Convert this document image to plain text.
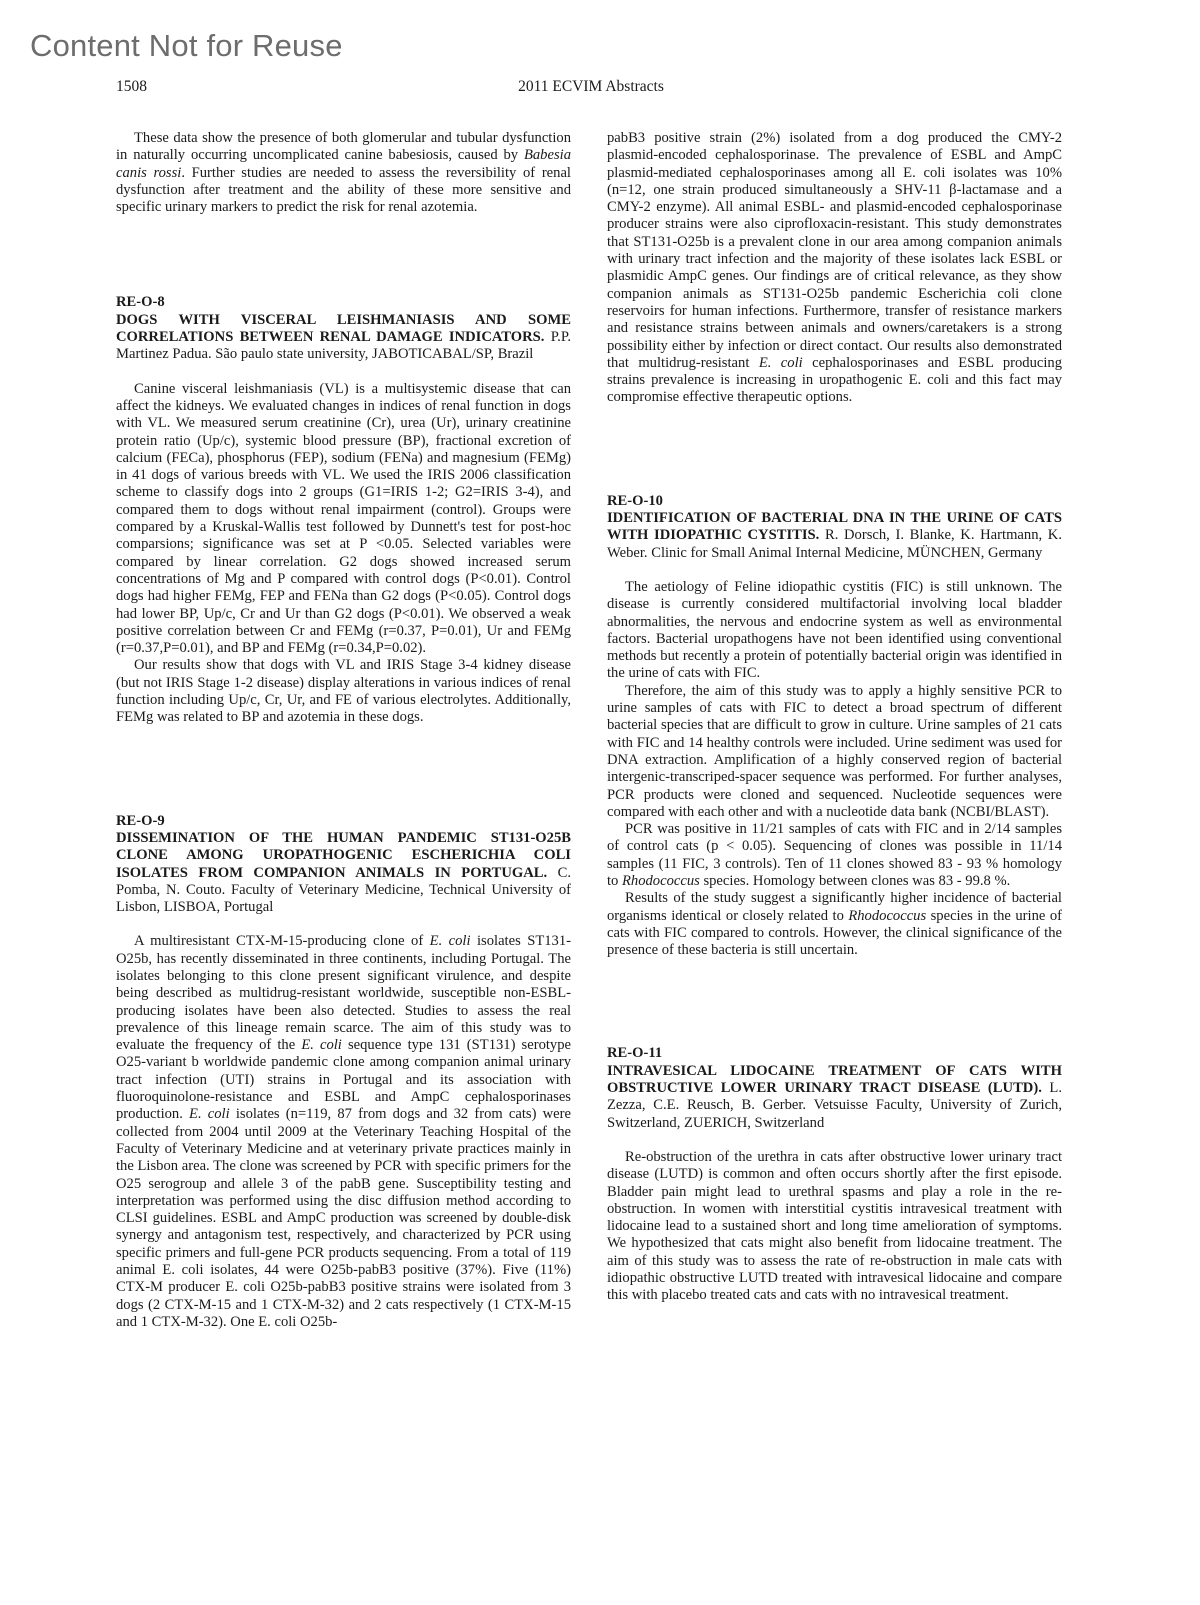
Content Not for Reuse
1508	2011 ECVIM Abstracts

These data show the presence of both glomerular and tubular dysfunction in naturally occurring uncomplicated canine babesiosis, caused by Babesia canis rossi. Further studies are needed to assess the reversibility of renal dysfunction after treatment and the ability of these more sensitive and specific urinary markers to predict the risk for renal azotemia.

RE-O-8
DOGS WITH VISCERAL LEISHMANIASIS AND SOME CORRELATIONS BETWEEN RENAL DAMAGE INDICATORS. P.P. Martinez Padua. São paulo state university, JABOTICABAL/SP, Brazil

Canine visceral leishmaniasis (VL) is a multisystemic disease that can affect the kidneys. We evaluated changes in indices of renal function in dogs with VL. We measured serum creatinine (Cr), urea (Ur), urinary creatinine protein ratio (Up/c), systemic blood pressure (BP), fractional excretion of calcium (FECa), phosphorus (FEP), sodium (FENa) and magnesium (FEMg) in 41 dogs of various breeds with VL. We used the IRIS 2006 classification scheme to classify dogs into 2 groups (G1=IRIS 1-2; G2=IRIS 3-4), and compared them to dogs without renal impairment (control). Groups were compared by a Kruskal-Wallis test followed by Dunnett's test for post-hoc comparsions; significance was set at P <0.05. Selected variables were compared by linear correlation. G2 dogs showed increased serum concentrations of Mg and P compared with control dogs (P<0.01). Control dogs had higher FEMg, FEP and FENa than G2 dogs (P<0.05). Control dogs had lower BP, Up/c, Cr and Ur than G2 dogs (P<0.01). We observed a weak positive correlation between Cr and FEMg (r=0.37, P=0.01), Ur and FEMg (r=0.37,P=0.01), and BP and FEMg (r=0.34,P=0.02).

Our results show that dogs with VL and IRIS Stage 3-4 kidney disease (but not IRIS Stage 1-2 disease) display alterations in various indices of renal function including Up/c, Cr, Ur, and FE of various electrolytes. Additionally, FEMg was related to BP and azotemia in these dogs.

RE-O-9
DISSEMINATION OF THE HUMAN PANDEMIC ST131-O25B CLONE AMONG UROPATHOGENIC ESCHERICHIA COLI ISOLATES FROM COMPANION ANIMALS IN PORTUGAL. C. Pomba, N. Couto. Faculty of Veterinary Medicine, Technical University of Lisbon, LISBOA, Portugal

A multiresistant CTX-M-15-producing clone of E. coli isolates ST131-O25b, has recently disseminated in three continents, including Portugal. The isolates belonging to this clone present significant virulence, and despite being described as multidrug-resistant worldwide, susceptible non-ESBL-producing isolates have been also detected. Studies to assess the real prevalence of this lineage remain scarce. The aim of this study was to evaluate the frequency of the E. coli sequence type 131 (ST131) serotype O25-variant b worldwide pandemic clone among companion animal urinary tract infection (UTI) strains in Portugal and its association with fluoroquinolone-resistance and ESBL and AmpC cephalosporinases production. E. coli isolates (n=119, 87 from dogs and 32 from cats) were collected from 2004 until 2009 at the Veterinary Teaching Hospital of the Faculty of Veterinary Medicine and at veterinary private practices mainly in the Lisbon area. The clone was screened by PCR with specific primers for the O25 serogroup and allele 3 of the pabB gene. Susceptibility testing and interpretation was performed using the disc diffusion method according to CLSI guidelines. ESBL and AmpC production was screened by double-disk synergy and antagonism test, respectively, and characterized by PCR using specific primers and full-gene PCR products sequencing. From a total of 119 animal E. coli isolates, 44 were O25b-pabB3 positive (37%). Five (11%) CTX-M producer E. coli O25b-pabB3 positive strains were isolated from 3 dogs (2 CTX-M-15 and 1 CTX-M-32) and 2 cats respectively (1 CTX-M-15 and 1 CTX-M-32). One E. coli O25b-

pabB3 positive strain (2%) isolated from a dog produced the CMY-2 plasmid-encoded cephalosporinase. The prevalence of ESBL and AmpC plasmid-mediated cephalosporinases among all E. coli isolates was 10% (n=12, one strain produced simultaneously a SHV-11 β-lactamase and a CMY-2 enzyme). All animal ESBL- and plasmid-encoded cephalosporinase producer strains were also ciprofloxacin-resistant. This study demonstrates that ST131-O25b is a prevalent clone in our area among companion animals with urinary tract infection and the majority of these isolates lack ESBL or plasmidic AmpC genes. Our findings are of critical relevance, as they show companion animals as ST131-O25b pandemic Escherichia coli clone reservoirs for human infections. Furthermore, transfer of resistance markers and resistance strains between animals and owners/caretakers is a strong possibility either by infection or direct contact. Our results also demonstrated that multidrug-resistant E. coli cephalosporinases and ESBL producing strains prevalence is increasing in uropathogenic E. coli and this fact may compromise effective therapeutic options.

RE-O-10
IDENTIFICATION OF BACTERIAL DNA IN THE URINE OF CATS WITH IDIOPATHIC CYSTITIS. R. Dorsch, I. Blanke, K. Hartmann, K. Weber. Clinic for Small Animal Internal Medicine, MÜNCHEN, Germany

The aetiology of Feline idiopathic cystitis (FIC) is still unknown. The disease is currently considered multifactorial involving local bladder abnormalities, the nervous and endocrine system as well as environmental factors. Bacterial uropathogens have not been identified using conventional methods but recently a protein of potentially bacterial origin was identified in the urine of cats with FIC.

Therefore, the aim of this study was to apply a highly sensitive PCR to urine samples of cats with FIC to detect a broad spectrum of different bacterial species that are difficult to grow in culture. Urine samples of 21 cats with FIC and 14 healthy controls were included. Urine sediment was used for DNA extraction. Amplification of a highly conserved region of bacterial intergenic-transcriped-spacer sequence was performed. For further analyses, PCR products were cloned and sequenced. Nucleotide sequences were compared with each other and with a nucleotide data bank (NCBI/BLAST).

PCR was positive in 11/21 samples of cats with FIC and in 2/14 samples of control cats (p < 0.05). Sequencing of clones was possible in 11/14 samples (11 FIC, 3 controls). Ten of 11 clones showed 83 - 93 % homology to Rhodococcus species. Homology between clones was 83 - 99.8 %.

Results of the study suggest a significantly higher incidence of bacterial organisms identical or closely related to Rhodococcus species in the urine of cats with FIC compared to controls. However, the clinical significance of the presence of these bacteria is still uncertain.

RE-O-11
INTRAVESICAL LIDOCAINE TREATMENT OF CATS WITH OBSTRUCTIVE LOWER URINARY TRACT DISEASE (LUTD). L. Zezza, C.E. Reusch, B. Gerber. Vetsuisse Faculty, University of Zurich, Switzerland, ZUERICH, Switzerland

Re-obstruction of the urethra in cats after obstructive lower urinary tract disease (LUTD) is common and often occurs shortly after the first episode. Bladder pain might lead to urethral spasms and play a role in the re-obstruction. In women with interstitial cystitis intravesical treatment with lidocaine lead to a sustained short and long time amelioration of symptoms. We hypothesized that cats might also benefit from lidocaine treatment. The aim of this study was to assess the rate of re-obstruction in male cats with idiopathic obstructive LUTD treated with intravesical lidocaine and compare this with placebo treated cats and cats with no intravesical treatment.
